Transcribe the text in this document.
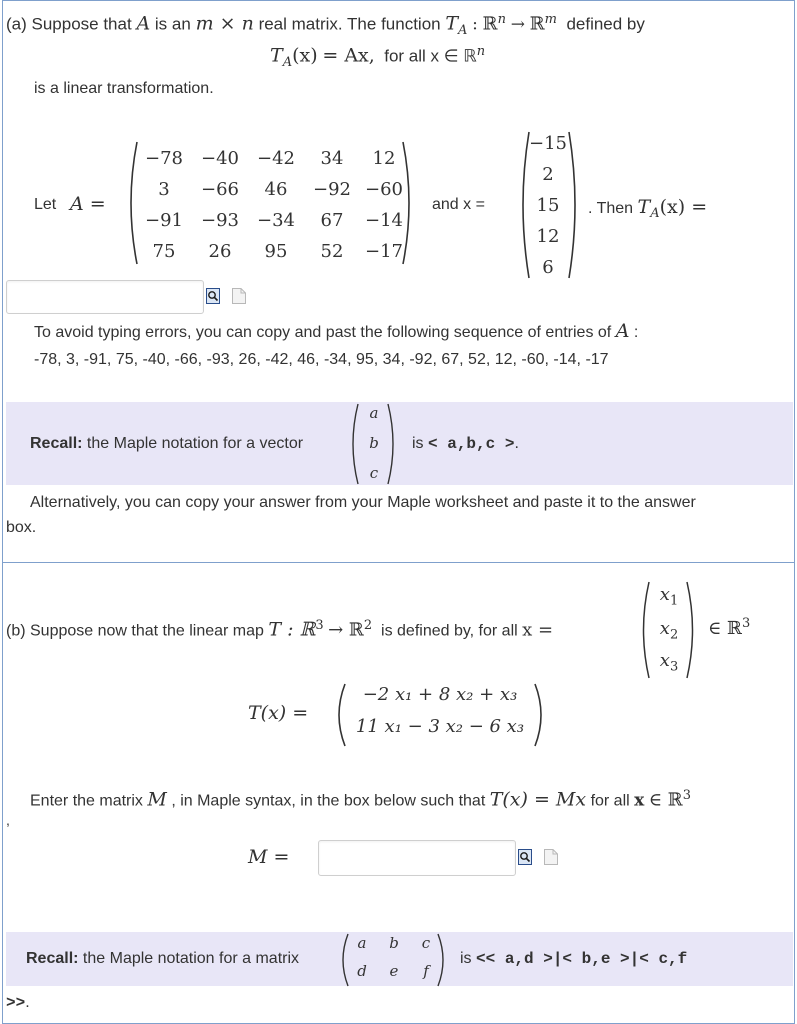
(a) Suppose that A is an m × n real matrix. The function $T_A$ : ℝ$^n$ → ℝ$^m$ defined by
$T_A(x) = Ax$, for all x ∈ ℝ$^n$
is a linear transformation.
Let A =
−78 −40 −42	34	12
3	−66	46	−92 −60
−91 −93 −34	67	−14
75	26	95	52	−17
and x =
−15
2
15
12
6
. Then $T_A(x)$ =
To avoid typing errors, you can copy and past the following sequence of entries of A :
-78, 3, -91, 75, -40, -66, -93, 26, -42, 46, -34, 95, 34, -92, 67, 52, 12, -60, -14, -17
Recall: the Maple notation for a vector
a
b
c
is < a,b,c >.
Alternatively, you can copy your answer from your Maple worksheet and paste it to the answer
box.
(b) Suppose now that the linear map T : ℝ$^3$ → ℝ$^2$ is defined by, for all x =
$x_1$
$x_2$
$x_3$
∈ ℝ$^3$
T(x) =
−2 x₁ + 8 x₂ + x₃
11 x₁ − 3 x₂ − 6 x₃
Enter the matrix M , in Maple syntax, in the box below such that T(x) = Mx for all x ∈ ℝ$^3$
,
M =
Recall: the Maple notation for a matrix
a	b	c
d	e	f
is << a,d >|< b,e >|< c,f
>>.
